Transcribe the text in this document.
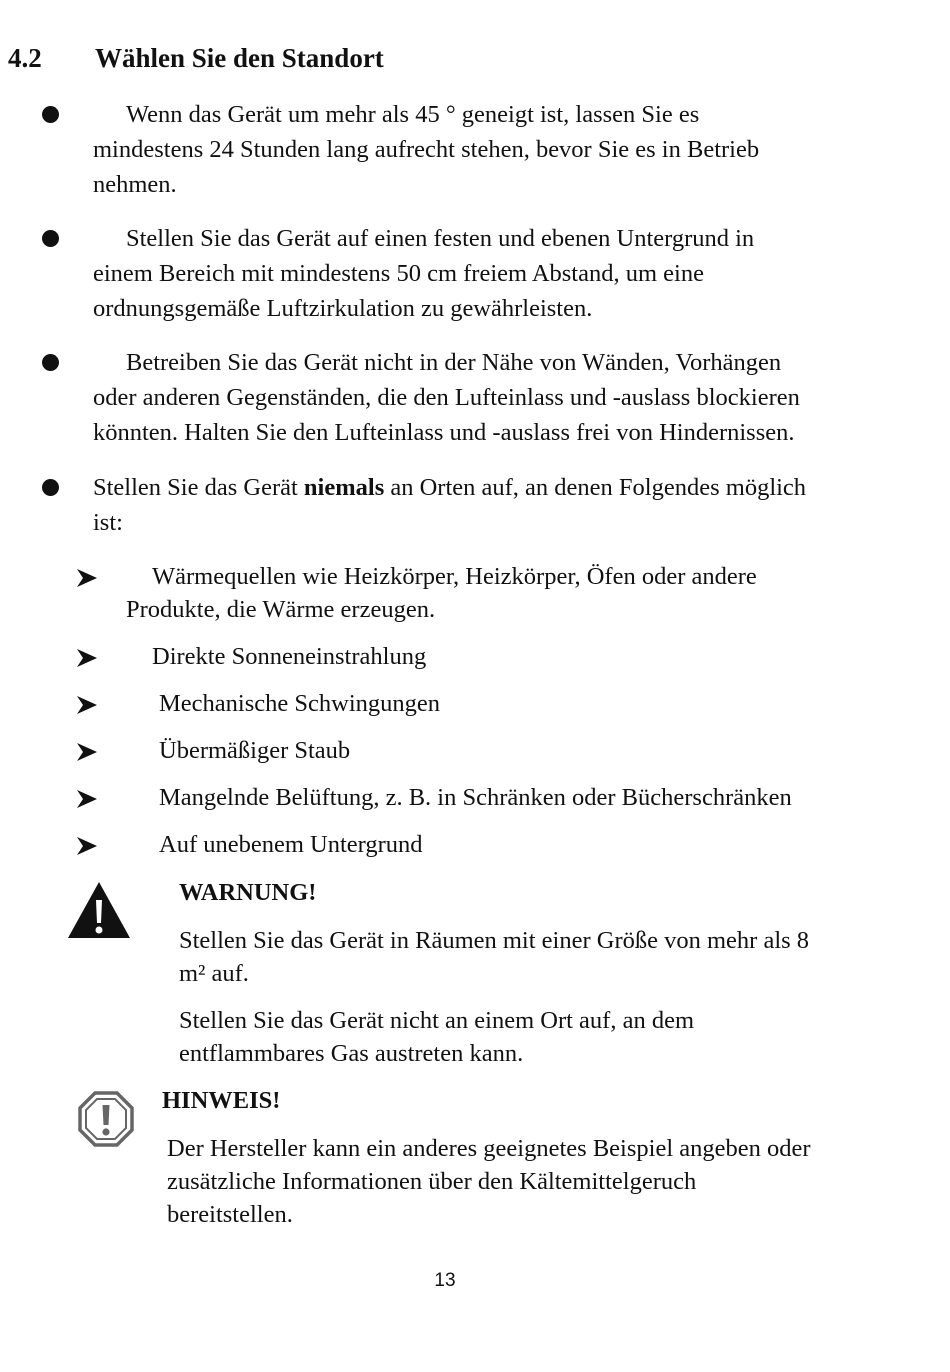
4.2 Wählen Sie den Standort
Wenn das Gerät um mehr als 45 ° geneigt ist, lassen Sie es
mindestens 24 Stunden lang aufrecht stehen, bevor Sie es in Betrieb
nehmen.
Stellen Sie das Gerät auf einen festen und ebenen Untergrund in
einem Bereich mit mindestens 50 cm freiem Abstand, um eine
ordnungsgemäße Luftzirkulation zu gewährleisten.
Betreiben Sie das Gerät nicht in der Nähe von Wänden, Vorhängen
oder anderen Gegenständen, die den Lufteinlass und -auslass blockieren
könnten. Halten Sie den Lufteinlass und -auslass frei von Hindernissen.
Stellen Sie das Gerät niemals an Orten auf, an denen Folgendes möglich
ist:
Wärmequellen wie Heizkörper, Heizkörper, Öfen oder andere
Produkte, die Wärme erzeugen.
Direkte Sonneneinstrahlung
Mechanische Schwingungen
Übermäßiger Staub
Mangelnde Belüftung, z. B. in Schränken oder Bücherschränken
Auf unebenem Untergrund
WARNUNG!
Stellen Sie das Gerät in Räumen mit einer Größe von mehr als 8
m² auf.
Stellen Sie das Gerät nicht an einem Ort auf, an dem
entflammbares Gas austreten kann.
HINWEIS!
Der Hersteller kann ein anderes geeignetes Beispiel angeben oder
zusätzliche Informationen über den Kältemittelgeruch
bereitstellen.
13
